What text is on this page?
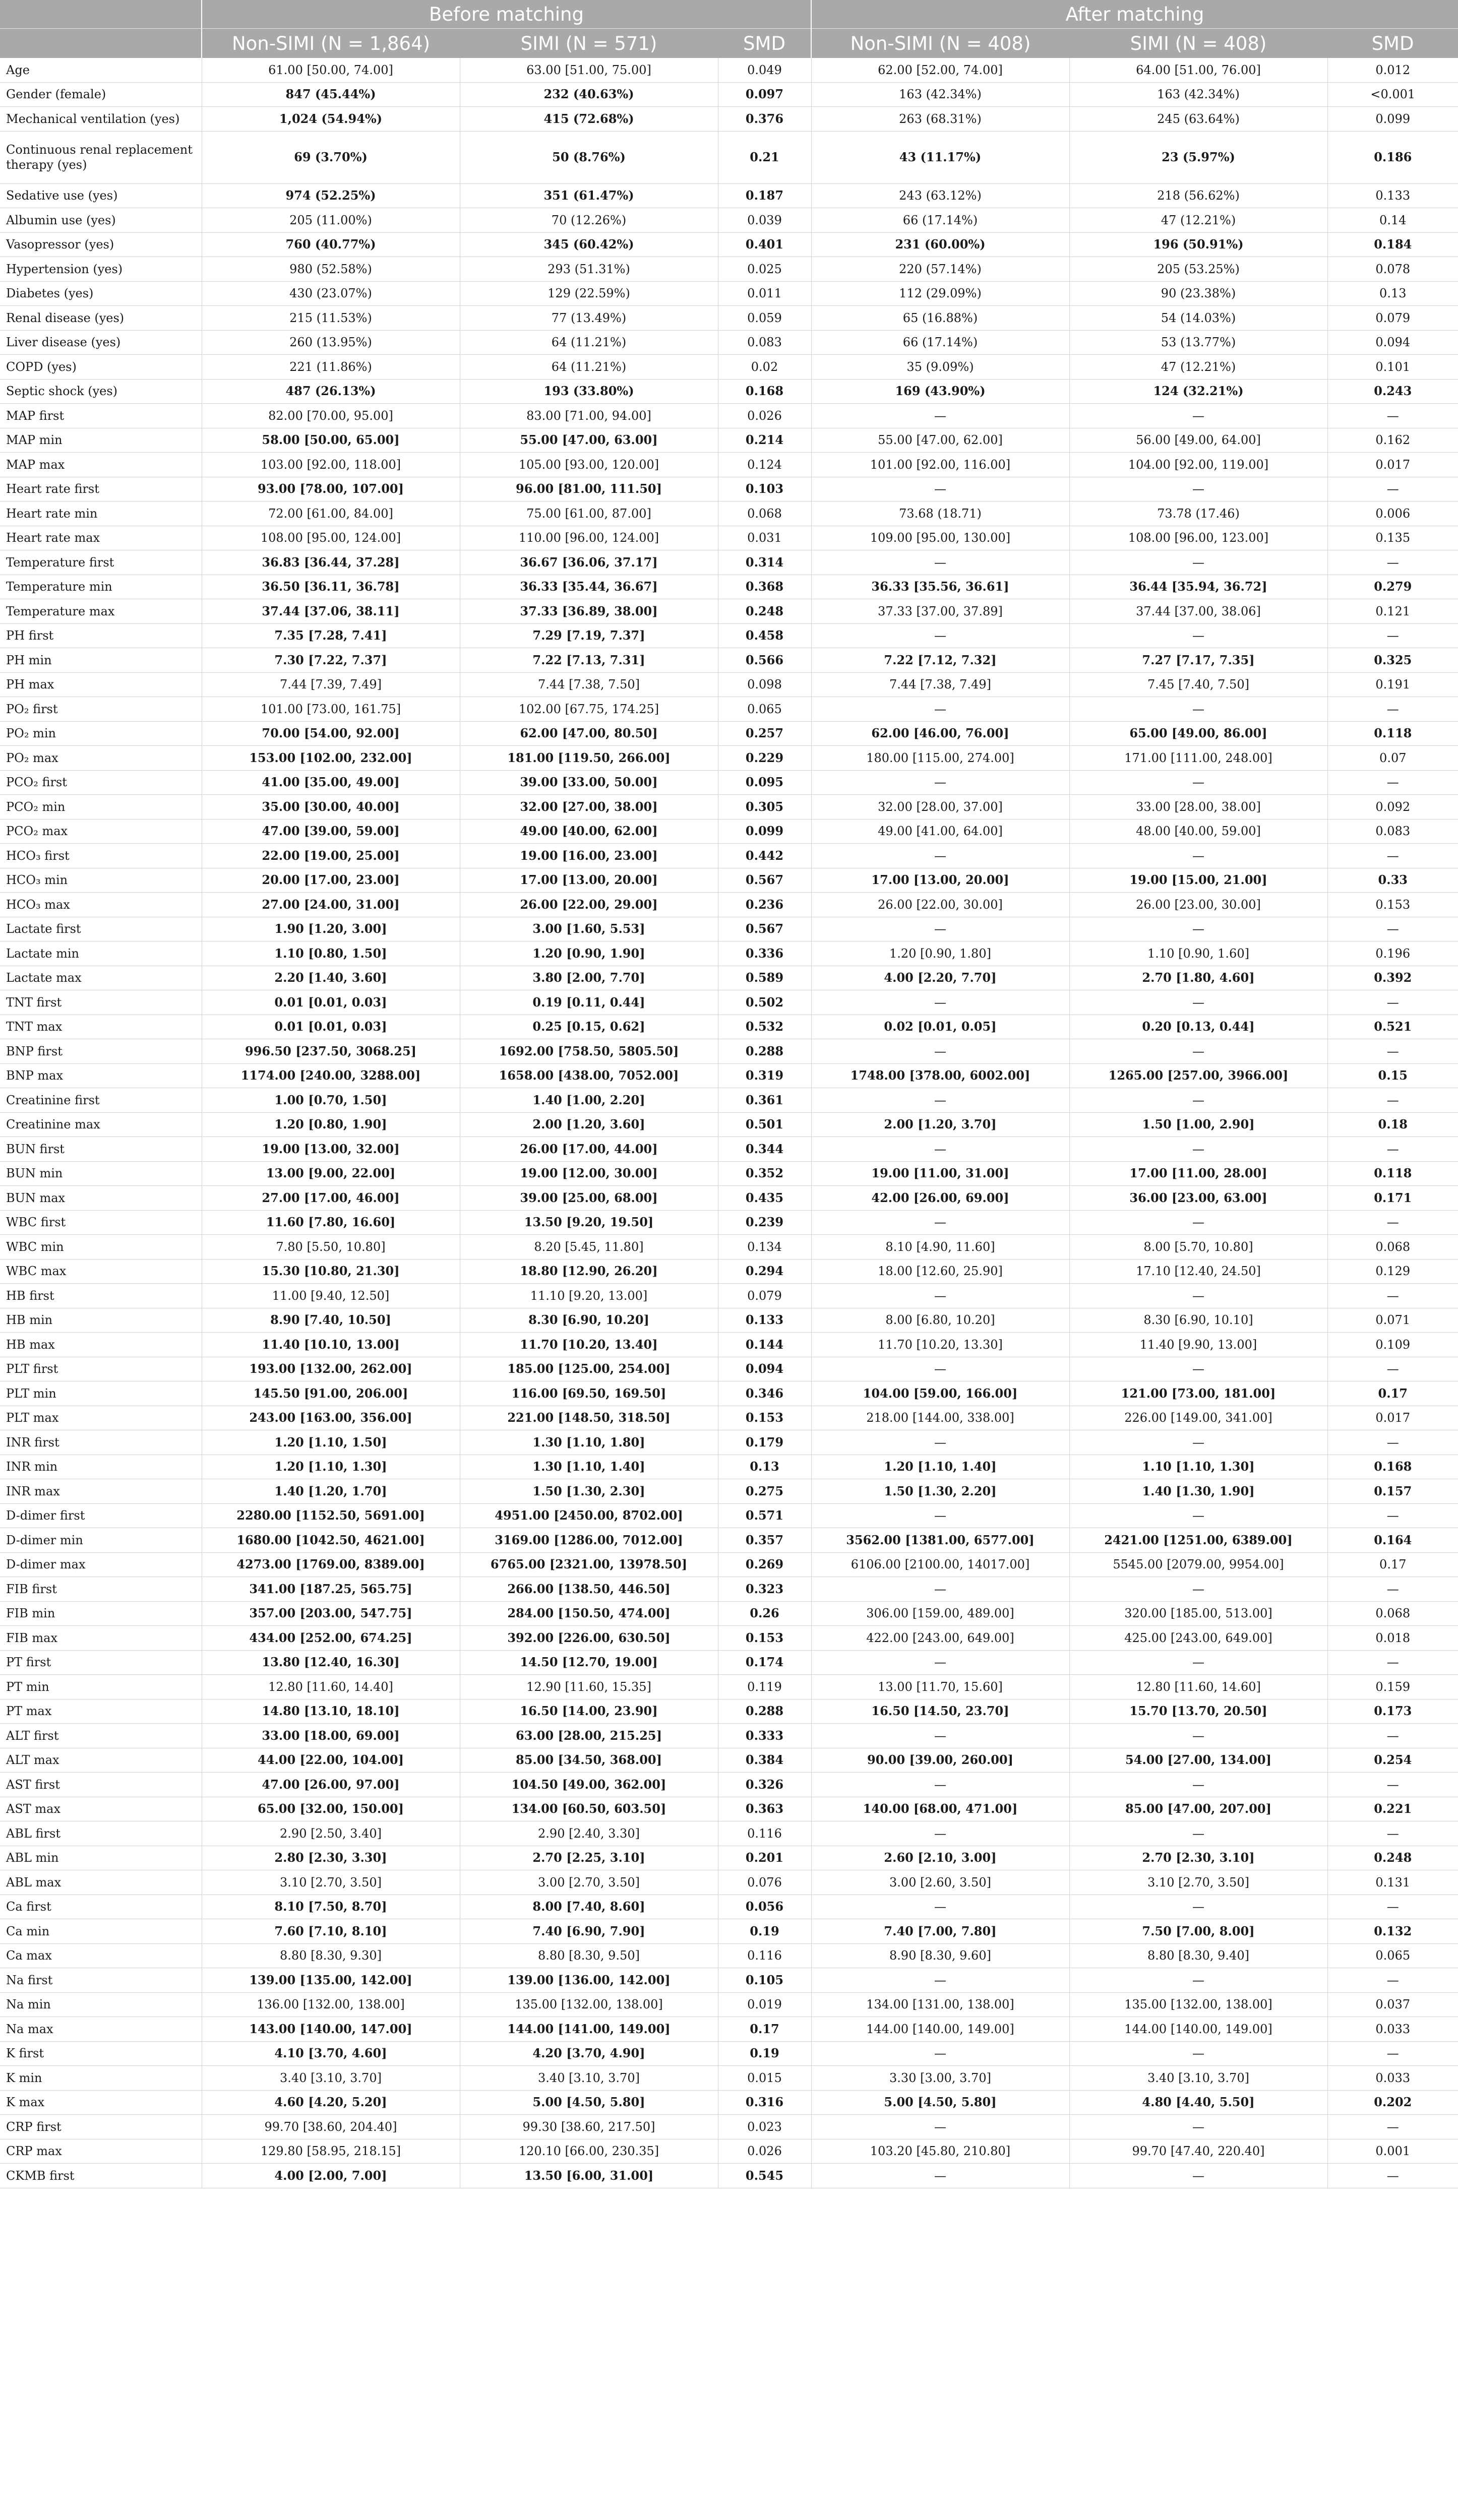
	Before matching			After matching		
	Non-SIMI (N = 1,864)	SIMI (N = 571)	SMD	Non-SIMI (N = 408)	SIMI (N = 408)	SMD
Age	61.00 [50.00, 74.00]	63.00 [51.00, 75.00]	0.049	62.00 [52.00, 74.00]	64.00 [51.00, 76.00]	0.012
Gender (female)	847 (45.44%)	232 (40.63%)	0.097	163 (42.34%)	163 (42.34%)	<0.001
Mechanical ventilation (yes)	1,024 (54.94%)	415 (72.68%)	0.376	263 (68.31%)	245 (63.64%)	0.099
Continuous renal replacement therapy (yes)	69 (3.70%)	50 (8.76%)	0.21	43 (11.17%)	23 (5.97%)	0.186
Sedative use (yes)	974 (52.25%)	351 (61.47%)	0.187	243 (63.12%)	218 (56.62%)	0.133
Albumin use (yes)	205 (11.00%)	70 (12.26%)	0.039	66 (17.14%)	47 (12.21%)	0.14
Vasopressor (yes)	760 (40.77%)	345 (60.42%)	0.401	231 (60.00%)	196 (50.91%)	0.184
Hypertension (yes)	980 (52.58%)	293 (51.31%)	0.025	220 (57.14%)	205 (53.25%)	0.078
Diabetes (yes)	430 (23.07%)	129 (22.59%)	0.011	112 (29.09%)	90 (23.38%)	0.13
Renal disease (yes)	215 (11.53%)	77 (13.49%)	0.059	65 (16.88%)	54 (14.03%)	0.079
Liver disease (yes)	260 (13.95%)	64 (11.21%)	0.083	66 (17.14%)	53 (13.77%)	0.094
COPD (yes)	221 (11.86%)	64 (11.21%)	0.02	35 (9.09%)	47 (12.21%)	0.101
Septic shock (yes)	487 (26.13%)	193 (33.80%)	0.168	169 (43.90%)	124 (32.21%)	0.243
MAP first	82.00 [70.00, 95.00]	83.00 [71.00, 94.00]	0.026	—	—	—
MAP min	58.00 [50.00, 65.00]	55.00 [47.00, 63.00]	0.214	55.00 [47.00, 62.00]	56.00 [49.00, 64.00]	0.162
MAP max	103.00 [92.00, 118.00]	105.00 [93.00, 120.00]	0.124	101.00 [92.00, 116.00]	104.00 [92.00, 119.00]	0.017
Heart rate first	93.00 [78.00, 107.00]	96.00 [81.00, 111.50]	0.103	—	—	—
Heart rate min	72.00 [61.00, 84.00]	75.00 [61.00, 87.00]	0.068	73.68 (18.71)	73.78 (17.46)	0.006
Heart rate max	108.00 [95.00, 124.00]	110.00 [96.00, 124.00]	0.031	109.00 [95.00, 130.00]	108.00 [96.00, 123.00]	0.135
Temperature first	36.83 [36.44, 37.28]	36.67 [36.06, 37.17]	0.314	—	—	—
Temperature min	36.50 [36.11, 36.78]	36.33 [35.44, 36.67]	0.368	36.33 [35.56, 36.61]	36.44 [35.94, 36.72]	0.279
Temperature max	37.44 [37.06, 38.11]	37.33 [36.89, 38.00]	0.248	37.33 [37.00, 37.89]	37.44 [37.00, 38.06]	0.121
PH first	7.35 [7.28, 7.41]	7.29 [7.19, 7.37]	0.458	—	—	—
PH min	7.30 [7.22, 7.37]	7.22 [7.13, 7.31]	0.566	7.22 [7.12, 7.32]	7.27 [7.17, 7.35]	0.325
PH max	7.44 [7.39, 7.49]	7.44 [7.38, 7.50]	0.098	7.44 [7.38, 7.49]	7.45 [7.40, 7.50]	0.191
PO₂ first	101.00 [73.00, 161.75]	102.00 [67.75, 174.25]	0.065	—	—	—
PO₂ min	70.00 [54.00, 92.00]	62.00 [47.00, 80.50]	0.257	62.00 [46.00, 76.00]	65.00 [49.00, 86.00]	0.118
PO₂ max	153.00 [102.00, 232.00]	181.00 [119.50, 266.00]	0.229	180.00 [115.00, 274.00]	171.00 [111.00, 248.00]	0.07
PCO₂ first	41.00 [35.00, 49.00]	39.00 [33.00, 50.00]	0.095	—	—	—
PCO₂ min	35.00 [30.00, 40.00]	32.00 [27.00, 38.00]	0.305	32.00 [28.00, 37.00]	33.00 [28.00, 38.00]	0.092
PCO₂ max	47.00 [39.00, 59.00]	49.00 [40.00, 62.00]	0.099	49.00 [41.00, 64.00]	48.00 [40.00, 59.00]	0.083
HCO₃ first	22.00 [19.00, 25.00]	19.00 [16.00, 23.00]	0.442	—	—	—
HCO₃ min	20.00 [17.00, 23.00]	17.00 [13.00, 20.00]	0.567	17.00 [13.00, 20.00]	19.00 [15.00, 21.00]	0.33
HCO₃ max	27.00 [24.00, 31.00]	26.00 [22.00, 29.00]	0.236	26.00 [22.00, 30.00]	26.00 [23.00, 30.00]	0.153
Lactate first	1.90 [1.20, 3.00]	3.00 [1.60, 5.53]	0.567	—	—	—
Lactate min	1.10 [0.80, 1.50]	1.20 [0.90, 1.90]	0.336	1.20 [0.90, 1.80]	1.10 [0.90, 1.60]	0.196
Lactate max	2.20 [1.40, 3.60]	3.80 [2.00, 7.70]	0.589	4.00 [2.20, 7.70]	2.70 [1.80, 4.60]	0.392
TNT first	0.01 [0.01, 0.03]	0.19 [0.11, 0.44]	0.502	—	—	—
TNT max	0.01 [0.01, 0.03]	0.25 [0.15, 0.62]	0.532	0.02 [0.01, 0.05]	0.20 [0.13, 0.44]	0.521
BNP first	996.50 [237.50, 3068.25]	1692.00 [758.50, 5805.50]	0.288	—	—	—
BNP max	1174.00 [240.00, 3288.00]	1658.00 [438.00, 7052.00]	0.319	1748.00 [378.00, 6002.00]	1265.00 [257.00, 3966.00]	0.15
Creatinine first	1.00 [0.70, 1.50]	1.40 [1.00, 2.20]	0.361	—	—	—
Creatinine max	1.20 [0.80, 1.90]	2.00 [1.20, 3.60]	0.501	2.00 [1.20, 3.70]	1.50 [1.00, 2.90]	0.18
BUN first	19.00 [13.00, 32.00]	26.00 [17.00, 44.00]	0.344	—	—	—
BUN min	13.00 [9.00, 22.00]	19.00 [12.00, 30.00]	0.352	19.00 [11.00, 31.00]	17.00 [11.00, 28.00]	0.118
BUN max	27.00 [17.00, 46.00]	39.00 [25.00, 68.00]	0.435	42.00 [26.00, 69.00]	36.00 [23.00, 63.00]	0.171
WBC first	11.60 [7.80, 16.60]	13.50 [9.20, 19.50]	0.239	—	—	—
WBC min	7.80 [5.50, 10.80]	8.20 [5.45, 11.80]	0.134	8.10 [4.90, 11.60]	8.00 [5.70, 10.80]	0.068
WBC max	15.30 [10.80, 21.30]	18.80 [12.90, 26.20]	0.294	18.00 [12.60, 25.90]	17.10 [12.40, 24.50]	0.129
HB first	11.00 [9.40, 12.50]	11.10 [9.20, 13.00]	0.079	—	—	—
HB min	8.90 [7.40, 10.50]	8.30 [6.90, 10.20]	0.133	8.00 [6.80, 10.20]	8.30 [6.90, 10.10]	0.071
HB max	11.40 [10.10, 13.00]	11.70 [10.20, 13.40]	0.144	11.70 [10.20, 13.30]	11.40 [9.90, 13.00]	0.109
PLT first	193.00 [132.00, 262.00]	185.00 [125.00, 254.00]	0.094	—	—	—
PLT min	145.50 [91.00, 206.00]	116.00 [69.50, 169.50]	0.346	104.00 [59.00, 166.00]	121.00 [73.00, 181.00]	0.17
PLT max	243.00 [163.00, 356.00]	221.00 [148.50, 318.50]	0.153	218.00 [144.00, 338.00]	226.00 [149.00, 341.00]	0.017
INR first	1.20 [1.10, 1.50]	1.30 [1.10, 1.80]	0.179	—	—	—
INR min	1.20 [1.10, 1.30]	1.30 [1.10, 1.40]	0.13	1.20 [1.10, 1.40]	1.10 [1.10, 1.30]	0.168
INR max	1.40 [1.20, 1.70]	1.50 [1.30, 2.30]	0.275	1.50 [1.30, 2.20]	1.40 [1.30, 1.90]	0.157
D-dimer first	2280.00 [1152.50, 5691.00]	4951.00 [2450.00, 8702.00]	0.571	—	—	—
D-dimer min	1680.00 [1042.50, 4621.00]	3169.00 [1286.00, 7012.00]	0.357	3562.00 [1381.00, 6577.00]	2421.00 [1251.00, 6389.00]	0.164
D-dimer max	4273.00 [1769.00, 8389.00]	6765.00 [2321.00, 13978.50]	0.269	6106.00 [2100.00, 14017.00]	5545.00 [2079.00, 9954.00]	0.17
FIB first	341.00 [187.25, 565.75]	266.00 [138.50, 446.50]	0.323	—	—	—
FIB min	357.00 [203.00, 547.75]	284.00 [150.50, 474.00]	0.26	306.00 [159.00, 489.00]	320.00 [185.00, 513.00]	0.068
FIB max	434.00 [252.00, 674.25]	392.00 [226.00, 630.50]	0.153	422.00 [243.00, 649.00]	425.00 [243.00, 649.00]	0.018
PT first	13.80 [12.40, 16.30]	14.50 [12.70, 19.00]	0.174	—	—	—
PT min	12.80 [11.60, 14.40]	12.90 [11.60, 15.35]	0.119	13.00 [11.70, 15.60]	12.80 [11.60, 14.60]	0.159
PT max	14.80 [13.10, 18.10]	16.50 [14.00, 23.90]	0.288	16.50 [14.50, 23.70]	15.70 [13.70, 20.50]	0.173
ALT first	33.00 [18.00, 69.00]	63.00 [28.00, 215.25]	0.333	—	—	—
ALT max	44.00 [22.00, 104.00]	85.00 [34.50, 368.00]	0.384	90.00 [39.00, 260.00]	54.00 [27.00, 134.00]	0.254
AST first	47.00 [26.00, 97.00]	104.50 [49.00, 362.00]	0.326	—	—	—
AST max	65.00 [32.00, 150.00]	134.00 [60.50, 603.50]	0.363	140.00 [68.00, 471.00]	85.00 [47.00, 207.00]	0.221
ABL first	2.90 [2.50, 3.40]	2.90 [2.40, 3.30]	0.116	—	—	—
ABL min	2.80 [2.30, 3.30]	2.70 [2.25, 3.10]	0.201	2.60 [2.10, 3.00]	2.70 [2.30, 3.10]	0.248
ABL max	3.10 [2.70, 3.50]	3.00 [2.70, 3.50]	0.076	3.00 [2.60, 3.50]	3.10 [2.70, 3.50]	0.131
Ca first	8.10 [7.50, 8.70]	8.00 [7.40, 8.60]	0.056	—	—	—
Ca min	7.60 [7.10, 8.10]	7.40 [6.90, 7.90]	0.19	7.40 [7.00, 7.80]	7.50 [7.00, 8.00]	0.132
Ca max	8.80 [8.30, 9.30]	8.80 [8.30, 9.50]	0.116	8.90 [8.30, 9.60]	8.80 [8.30, 9.40]	0.065
Na first	139.00 [135.00, 142.00]	139.00 [136.00, 142.00]	0.105	—	—	—
Na min	136.00 [132.00, 138.00]	135.00 [132.00, 138.00]	0.019	134.00 [131.00, 138.00]	135.00 [132.00, 138.00]	0.037
Na max	143.00 [140.00, 147.00]	144.00 [141.00, 149.00]	0.17	144.00 [140.00, 149.00]	144.00 [140.00, 149.00]	0.033
K first	4.10 [3.70, 4.60]	4.20 [3.70, 4.90]	0.19	—	—	—
K min	3.40 [3.10, 3.70]	3.40 [3.10, 3.70]	0.015	3.30 [3.00, 3.70]	3.40 [3.10, 3.70]	0.033
K max	4.60 [4.20, 5.20]	5.00 [4.50, 5.80]	0.316	5.00 [4.50, 5.80]	4.80 [4.40, 5.50]	0.202
CRP first	99.70 [38.60, 204.40]	99.30 [38.60, 217.50]	0.023	—	—	—
CRP max	129.80 [58.95, 218.15]	120.10 [66.00, 230.35]	0.026	103.20 [45.80, 210.80]	99.70 [47.40, 220.40]	0.001
CKMB first	4.00 [2.00, 7.00]	13.50 [6.00, 31.00]	0.545	—	—	—
